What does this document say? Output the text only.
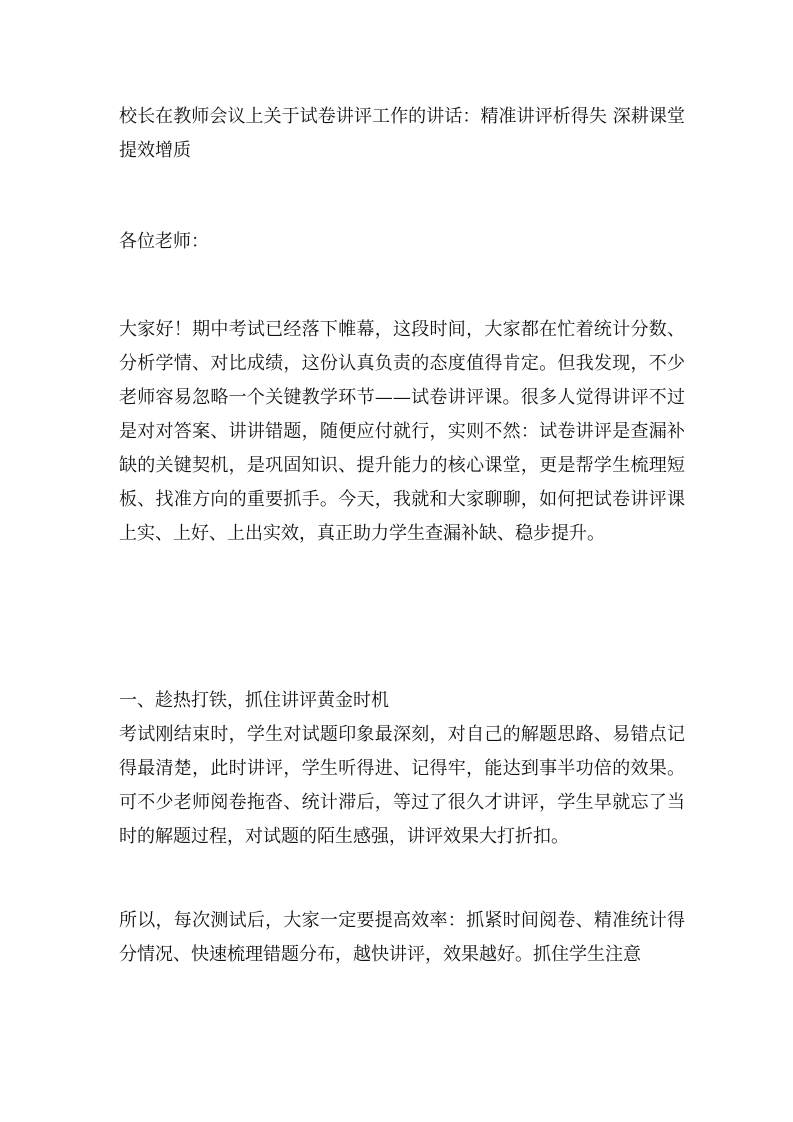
校长在教师会议上关于试卷讲评工作的讲话：精准讲评析得失 深耕课堂提效增质
各位老师：
大家好！期中考试已经落下帷幕，这段时间，大家都在忙着统计分数、分析学情、对比成绩，这份认真负责的态度值得肯定。但我发现，不少老师容易忽略一个关键教学环节——试卷讲评课。很多人觉得讲评不过是对对答案、讲讲错题，随便应付就行，实则不然：试卷讲评是查漏补缺的关键契机，是巩固知识、提升能力的核心课堂，更是帮学生梳理短板、找准方向的重要抓手。今天，我就和大家聊聊，如何把试卷讲评课上实、上好、上出实效，真正助力学生查漏补缺、稳步提升。
一、趁热打铁，抓住讲评黄金时机
考试刚结束时，学生对试题印象最深刻，对自己的解题思路、易错点记得最清楚，此时讲评，学生听得进、记得牢，能达到事半功倍的效果。可不少老师阅卷拖沓、统计滞后，等过了很久才讲评，学生早就忘了当时的解题过程，对试题的陌生感强，讲评效果大打折扣。
所以，每次测试后，大家一定要提高效率：抓紧时间阅卷、精准统计得分情况、快速梳理错题分布，越快讲评，效果越好。抓住学生注意
